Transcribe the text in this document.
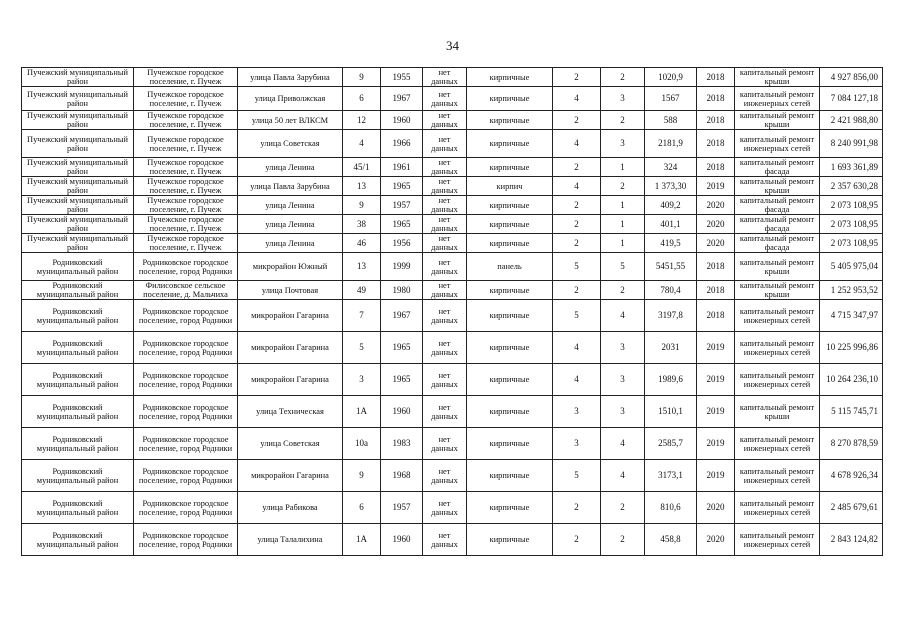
34
Пучежский муниципальный район	Пучежское городское поселение, г. Пучеж	улица Павла Зарубина	9	1955	нет данных	кирпичные	2	2	1020,9	2018	капитальный ремонт крыши	4 927 856,00
Пучежский муниципальный район	Пучежское городское поселение, г. Пучеж	улица Приволжская	6	1967	нет данных	кирпичные	4	3	1567	2018	капитальный ремонт инженерных сетей	7 084 127,18
Пучежский муниципальный район	Пучежское городское поселение, г. Пучеж	улица 50 лет ВЛКСМ	12	1960	нет данных	кирпичные	2	2	588	2018	капитальный ремонт крыши	2 421 988,80
Пучежский муниципальный район	Пучежское городское поселение, г. Пучеж	улица Советская	4	1966	нет данных	кирпичные	4	3	2181,9	2018	капитальный ремонт инженерных сетей	8 240 991,98
Пучежский муниципальный район	Пучежское городское поселение, г. Пучеж	улица Ленина	45/1	1961	нет данных	кирпичные	2	1	324	2018	капитальный ремонт фасада	1 693 361,89
Пучежский муниципальный район	Пучежское городское поселение, г. Пучеж	улица Павла Зарубина	13	1965	нет данных	кирпич	4	2	1 373,30	2019	капитальный ремонт крыши	2 357 630,28
Пучежский муниципальный район	Пучежское городское поселение, г. Пучеж	улица Ленина	9	1957	нет данных	кирпичные	2	1	409,2	2020	капитальный ремонт фасада	2 073 108,95
Пучежский муниципальный район	Пучежское городское поселение, г. Пучеж	улица Ленина	38	1965	нет данных	кирпичные	2	1	401,1	2020	капитальный ремонт фасада	2 073 108,95
Пучежский муниципальный район	Пучежское городское поселение, г. Пучеж	улица Ленина	46	1956	нет данных	кирпичные	2	1	419,5	2020	капитальный ремонт фасада	2 073 108,95
Родниковский муниципальный район	Родниковское городское поселение, город Родники	микрорайон Южный	13	1999	нет данных	панель	5	5	5451,55	2018	капитальный ремонт крыши	5 405 975,04
Родниковский муниципальный район	Филисовское сельское поселение, д. Мальчиха	улица Почтовая	49	1980	нет данных	кирпичные	2	2	780,4	2018	капитальный ремонт крыши	1 252 953,52
Родниковский муниципальный район	Родниковское городское поселение, город Родники	микрорайон Гагарина	7	1967	нет данных	кирпичные	5	4	3197,8	2018	капитальный ремонт инженерных сетей	4 715 347,97
Родниковский муниципальный район	Родниковское городское поселение, город Родники	микрорайон Гагарина	5	1965	нет данных	кирпичные	4	3	2031	2019	капитальный ремонт инженерных сетей	10 225 996,86
Родниковский муниципальный район	Родниковское городское поселение, город Родники	микрорайон Гагарина	3	1965	нет данных	кирпичные	4	3	1989,6	2019	капитальный ремонт инженерных сетей	10 264 236,10
Родниковский муниципальный район	Родниковское городское поселение, город Родники	улица Техническая	1А	1960	нет данных	кирпичные	3	3	1510,1	2019	капитальный ремонт крыши	5 115 745,71
Родниковский муниципальный район	Родниковское городское поселение, город Родники	улица Советская	10а	1983	нет данных	кирпичные	3	4	2585,7	2019	капитальный ремонт инженерных сетей	8 270 878,59
Родниковский муниципальный район	Родниковское городское поселение, город Родники	микрорайон Гагарина	9	1968	нет данных	кирпичные	5	4	3173,1	2019	капитальный ремонт инженерных сетей	4 678 926,34
Родниковский муниципальный район	Родниковское городское поселение, город Родники	улица Рабикова	6	1957	нет данных	кирпичные	2	2	810,6	2020	капитальный ремонт инженерных сетей	2 485 679,61
Родниковский муниципальный район	Родниковское городское поселение, город Родники	улица Талалихина	1А	1960	нет данных	кирпичные	2	2	458,8	2020	капитальный ремонт инженерных сетей	2 843 124,82
